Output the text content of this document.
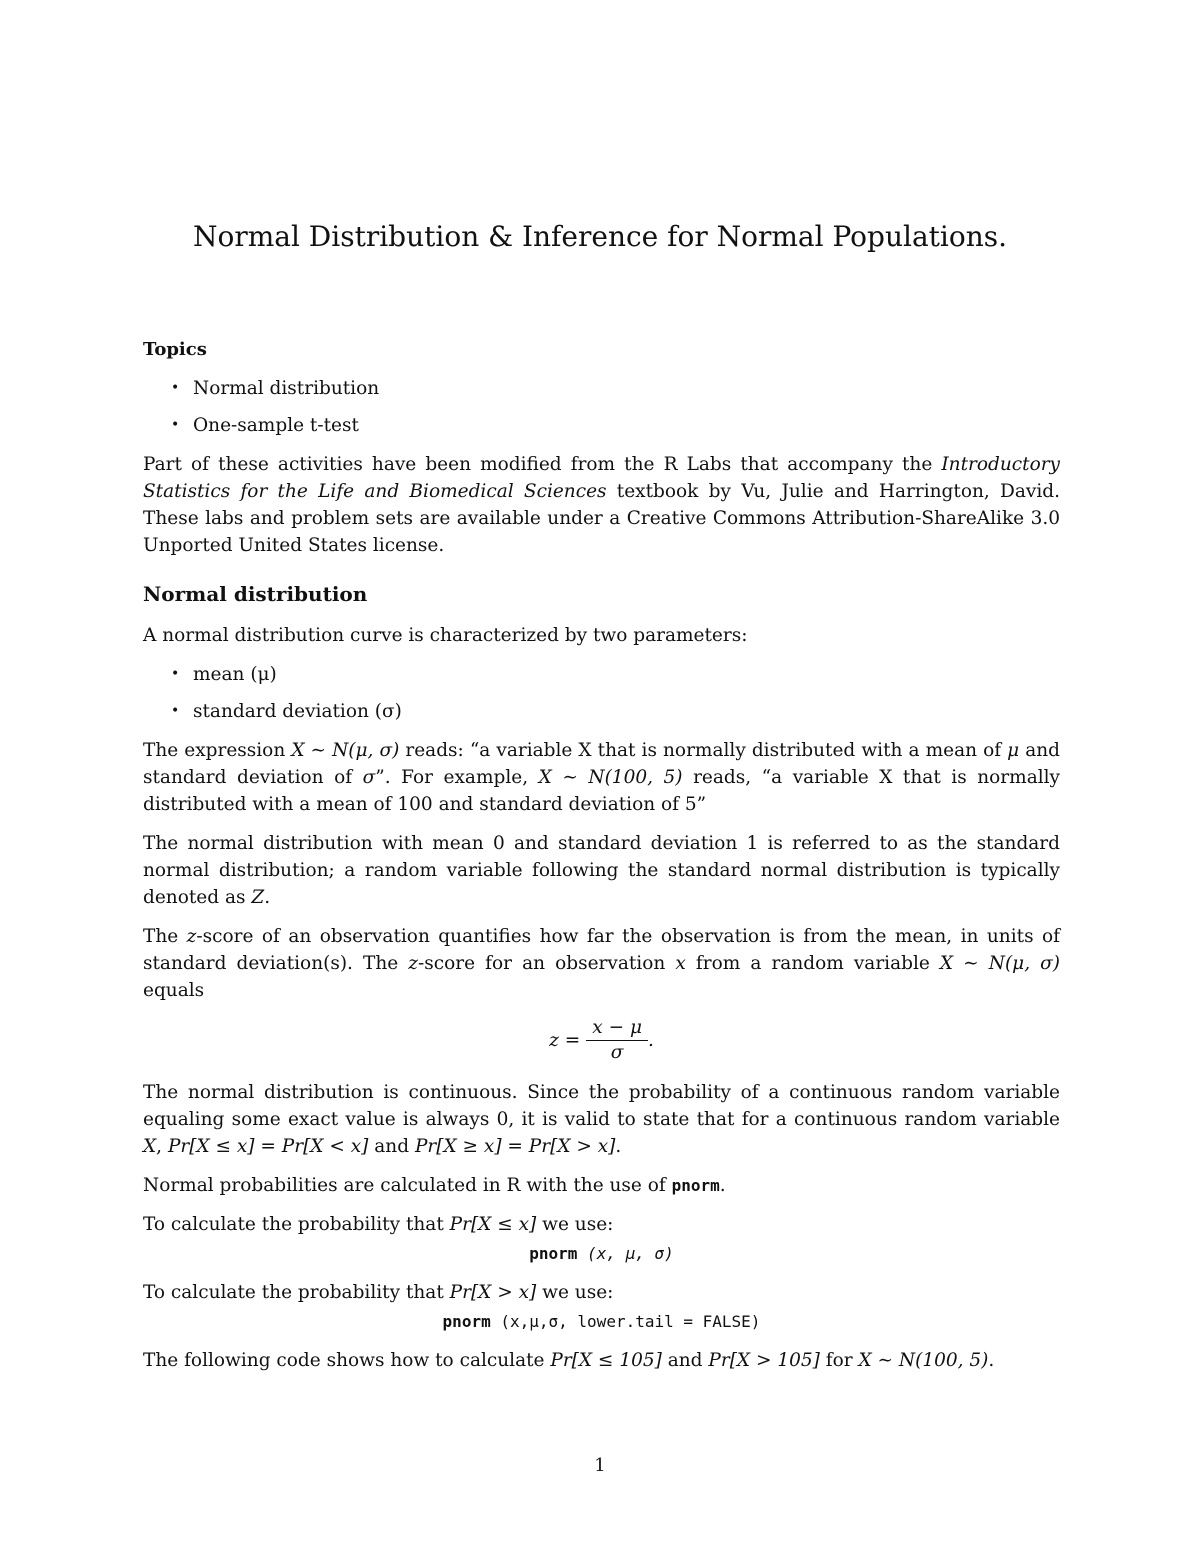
Normal Distribution & Inference for Normal Populations.
Topics
• Normal distribution
• One-sample t-test

Part of these activities have been modified from the R Labs that accompany the Introductory Statistics for the Life and Biomedical Sciences textbook by Vu, Julie and Harrington, David. These labs and problem sets are available under a Creative Commons Attribution-ShareAlike 3.0 Unported United States license.

Normal distribution

A normal distribution curve is characterized by two parameters:

• mean (μ)
• standard deviation (σ)

The expression X ∼ N(μ, σ) reads: “a variable X that is normally distributed with a mean of μ and standard deviation of σ”. For example, X ∼ N(100, 5) reads, “a variable X that is normally distributed with a mean of 100 and standard deviation of 5”

The normal distribution with mean 0 and standard deviation 1 is referred to as the standard normal distribution; a random variable following the standard normal distribution is typically denoted as Z.

The z-score of an observation quantifies how far the observation is from the mean, in units of standard deviation(s). The z-score for an observation x from a random variable X ∼ N(μ, σ) equals

$z = \frac{x - \mu}{\sigma}$ .

The normal distribution is continuous. Since the probability of a continuous random variable equaling some exact value is always 0, it is valid to state that for a continuous random variable X, Pr[X ≤ x] = Pr[X < x] and Pr[X ≥ x] = Pr[X > x].

Normal probabilities are calculated in R with the use of pnorm.

To calculate the probability that Pr[X ≤ x] we use:

pnorm (x, μ, σ)

To calculate the probability that Pr[X > x] we use:

pnorm (x,μ,σ, lower.tail = FALSE)

The following code shows how to calculate Pr[X ≤ 105] and Pr[X > 105] for X ∼ N(100, 5).

1
